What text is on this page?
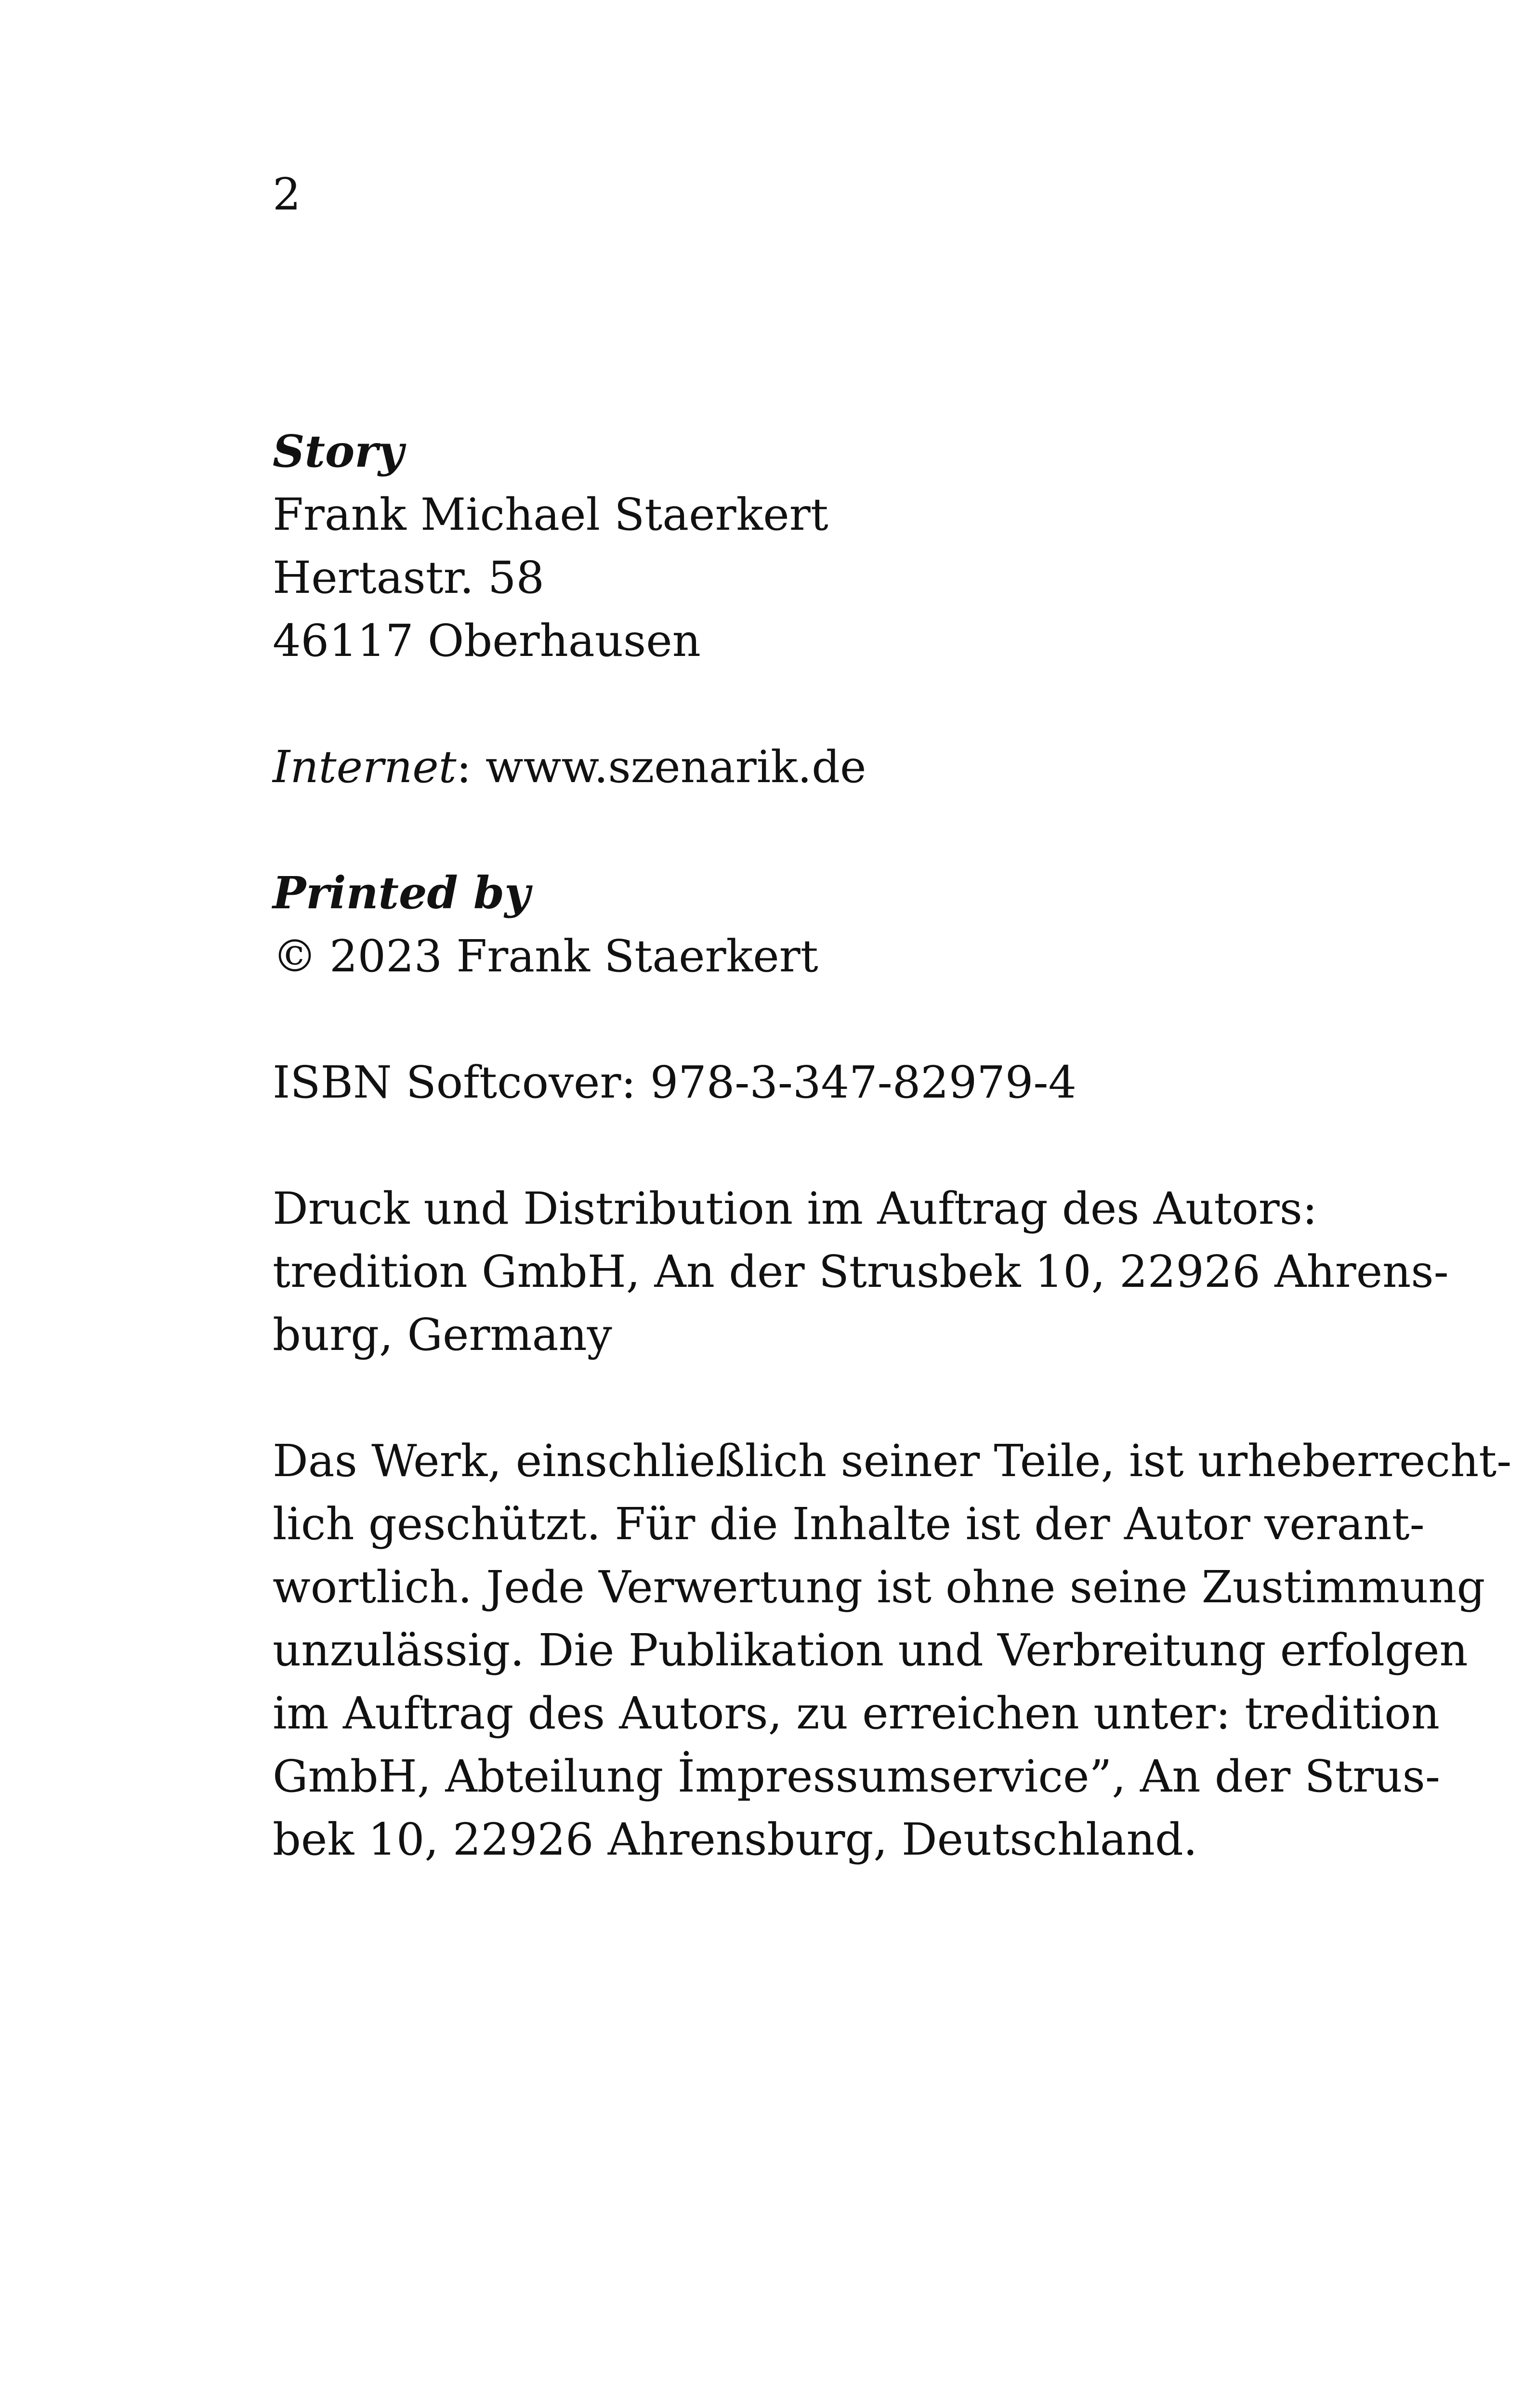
2
Story
Frank Michael Staerkert
Hertastr. 58
46117 Oberhausen
Internet: www.szenarik.de
Printed by
© 2023 Frank Staerkert
ISBN Softcover: 978-3-347-82979-4
Druck und Distribution im Auftrag des Autors:
tredition GmbH, An der Strusbek 10, 22926 Ahrens-
burg, Germany
Das Werk, einschließlich seiner Teile, ist urheberrecht-
lich geschützt. Für die Inhalte ist der Autor verant-
wortlich. Jede Verwertung ist ohne seine Zustimmung
unzulässig. Die Publikation und Verbreitung erfolgen
im Auftrag des Autors, zu erreichen unter: tredition
GmbH, Abteilung İmpressumservice”, An der Strus-
bek 10, 22926 Ahrensburg, Deutschland.
